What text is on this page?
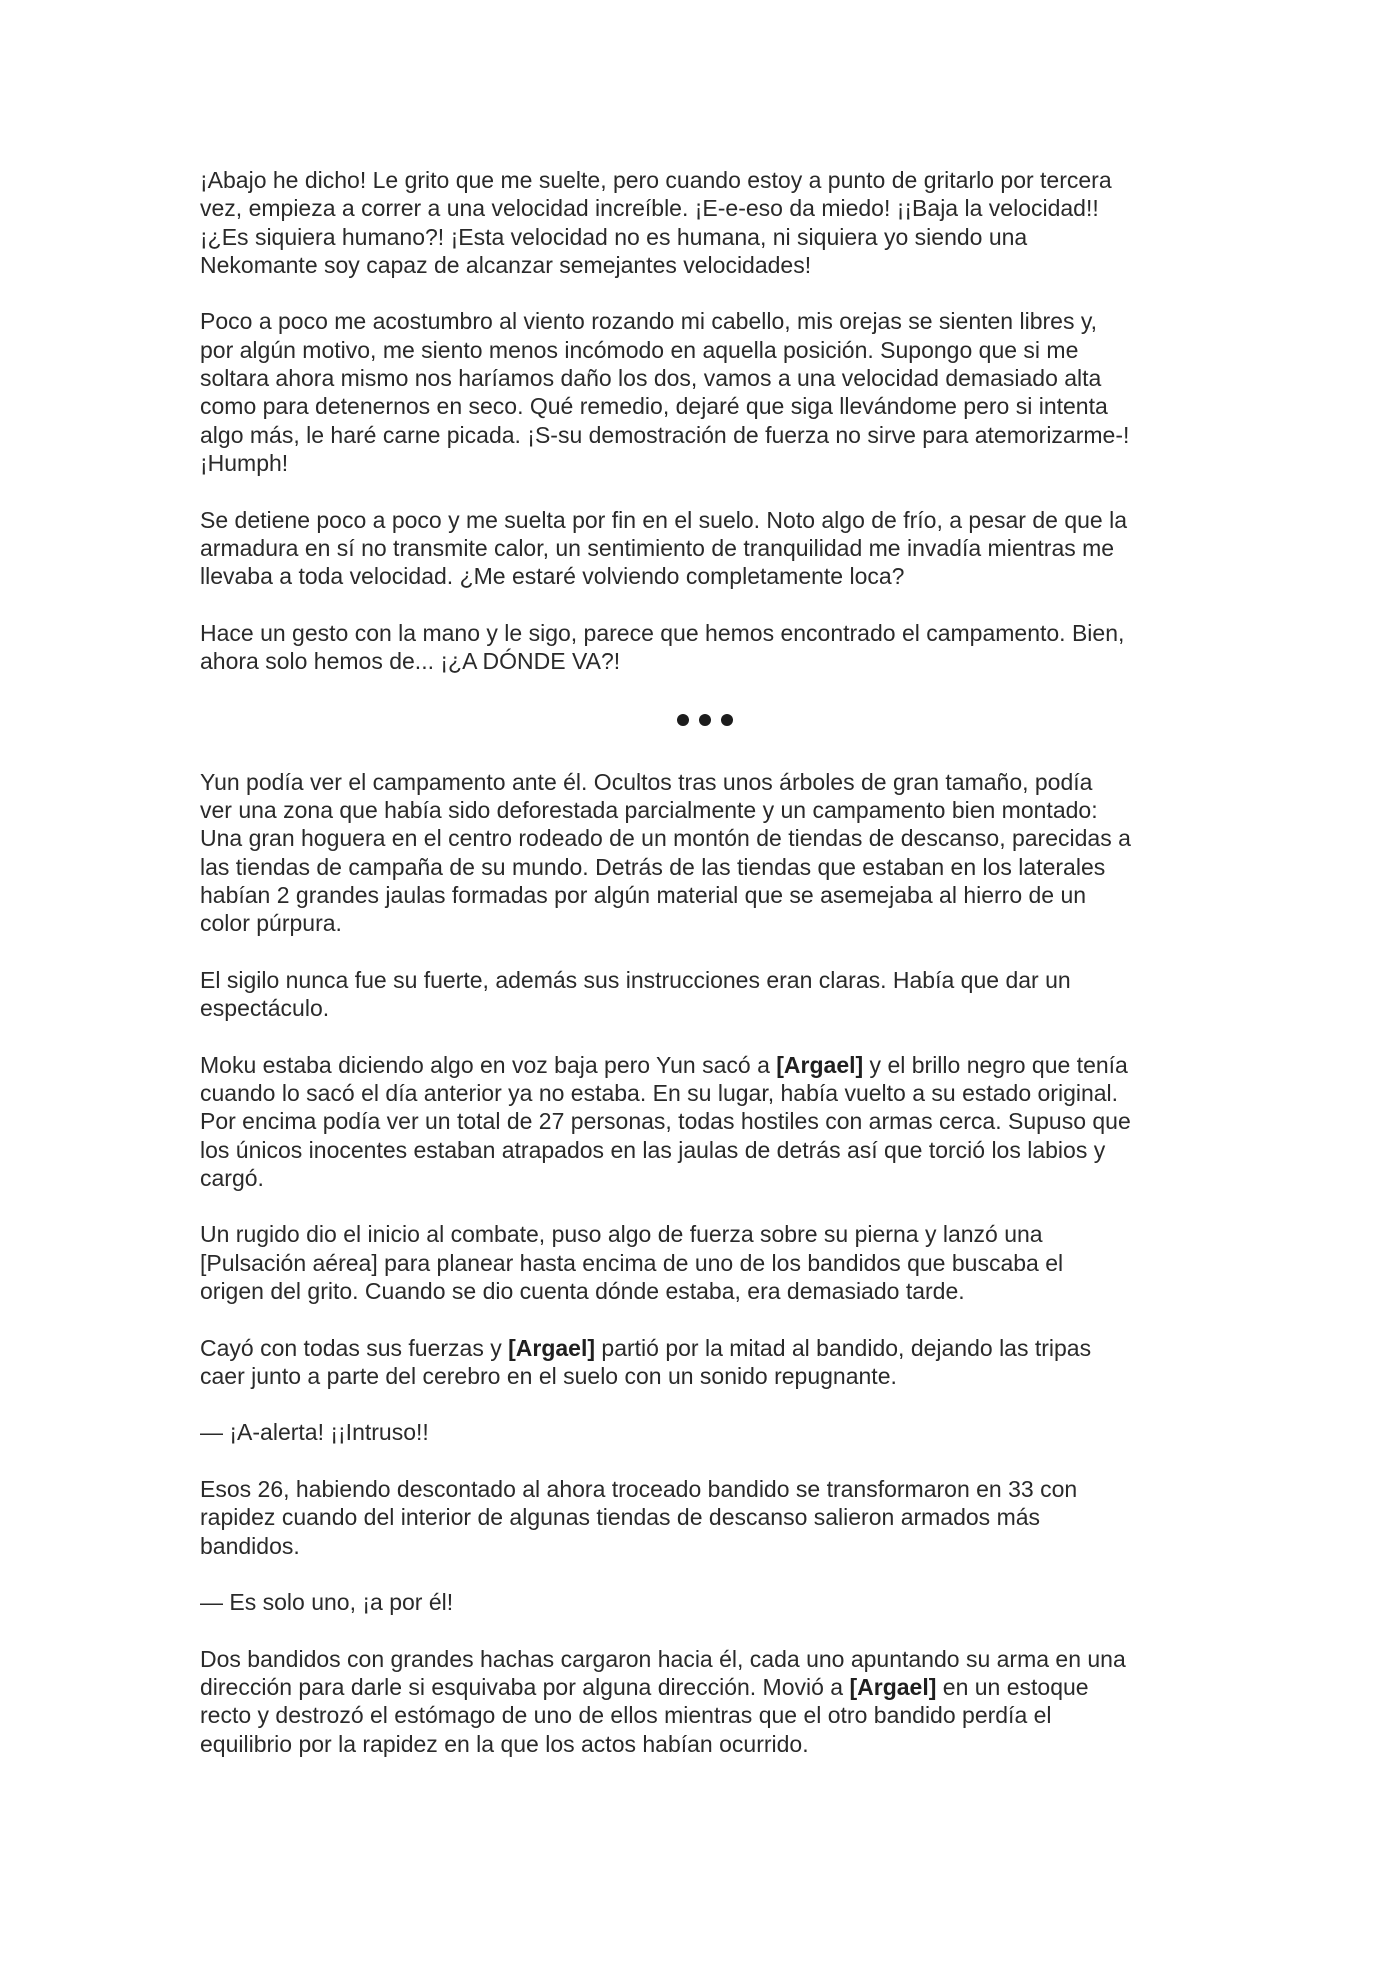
¡Abajo he dicho! Le grito que me suelte, pero cuando estoy a punto de gritarlo por tercera
vez, empieza a correr a una velocidad increíble. ¡E-e-eso da miedo! ¡¡Baja la velocidad!!
¡¿Es siquiera humano?! ¡Esta velocidad no es humana, ni siquiera yo siendo una
Nekomante soy capaz de alcanzar semejantes velocidades!

Poco a poco me acostumbro al viento rozando mi cabello, mis orejas se sienten libres y,
por algún motivo, me siento menos incómodo en aquella posición. Supongo que si me
soltara ahora mismo nos haríamos daño los dos, vamos a una velocidad demasiado alta
como para detenernos en seco. Qué remedio, dejaré que siga llevándome pero si intenta
algo más, le haré carne picada. ¡S-su demostración de fuerza no sirve para atemorizarme-!
¡Humph!

Se detiene poco a poco y me suelta por fin en el suelo. Noto algo de frío, a pesar de que la
armadura en sí no transmite calor, un sentimiento de tranquilidad me invadía mientras me
llevaba a toda velocidad. ¿Me estaré volviendo completamente loca?

Hace un gesto con la mano y le sigo, parece que hemos encontrado el campamento. Bien,
ahora solo hemos de... ¡¿A DÓNDE VA?!

Yun podía ver el campamento ante él. Ocultos tras unos árboles de gran tamaño, podía
ver una zona que había sido deforestada parcialmente y un campamento bien montado:
Una gran hoguera en el centro rodeado de un montón de tiendas de descanso, parecidas a
las tiendas de campaña de su mundo. Detrás de las tiendas que estaban en los laterales
habían 2 grandes jaulas formadas por algún material que se asemejaba al hierro de un
color púrpura.

El sigilo nunca fue su fuerte, además sus instrucciones eran claras. Había que dar un
espectáculo.

Moku estaba diciendo algo en voz baja pero Yun sacó a [Argael] y el brillo negro que tenía
cuando lo sacó el día anterior ya no estaba. En su lugar, había vuelto a su estado original.
Por encima podía ver un total de 27 personas, todas hostiles con armas cerca. Supuso que
los únicos inocentes estaban atrapados en las jaulas de detrás así que torció los labios y
cargó.

Un rugido dio el inicio al combate, puso algo de fuerza sobre su pierna y lanzó una
[Pulsación aérea] para planear hasta encima de uno de los bandidos que buscaba el
origen del grito. Cuando se dio cuenta dónde estaba, era demasiado tarde.

Cayó con todas sus fuerzas y [Argael] partió por la mitad al bandido, dejando las tripas
caer junto a parte del cerebro en el suelo con un sonido repugnante.

— ¡A-alerta! ¡¡Intruso!!

Esos 26, habiendo descontado al ahora troceado bandido se transformaron en 33 con
rapidez cuando del interior de algunas tiendas de descanso salieron armados más
bandidos.

— Es solo uno, ¡a por él!

Dos bandidos con grandes hachas cargaron hacia él, cada uno apuntando su arma en una
dirección para darle si esquivaba por alguna dirección. Movió a [Argael] en un estoque
recto y destrozó el estómago de uno de ellos mientras que el otro bandido perdía el
equilibrio por la rapidez en la que los actos habían ocurrido.
